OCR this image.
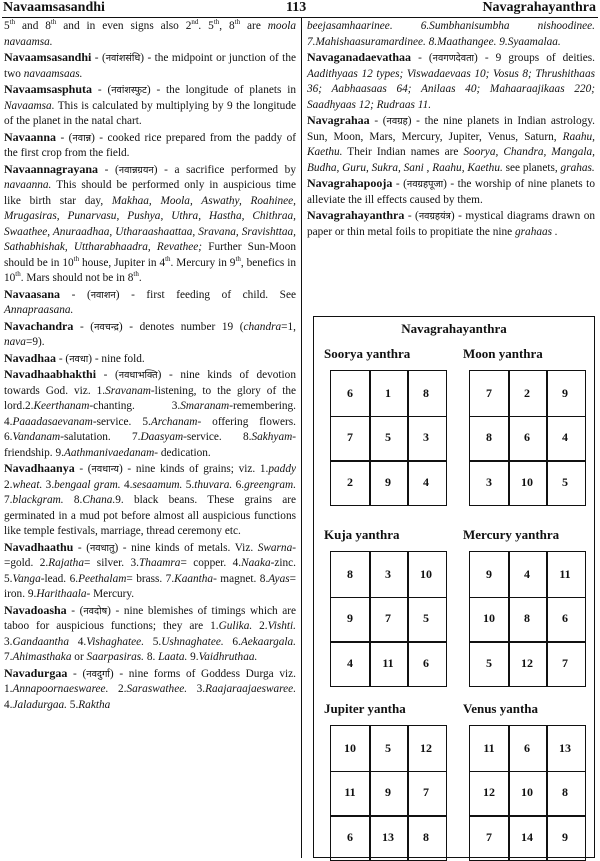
Navaamsasandhi	113	Navagrahayanthra

5th and 8th and in even signs also 2nd. 5th, 8th are moola navaamsa.

Navaamsasandhi - (नवांशसंधि) - the midpoint or junction of the two navaamsaas.

Navaamsasphuta - (नवांशस्फुट) - the longitude of planets in Navaamsa. This is calculated by multiplying by 9 the longitude of the planet in the natal chart.

Navaanna - (नवान्न) - cooked rice prepared from the paddy of the first crop from the field.

Navaannagrayana - (नवान्नग्रयन) - a sacrifice performed by navaanna. This should be performed only in auspicious time like birth star day, Makhaa, Moola, Aswathy, Roahinee, Mrugasiras, Punarvasu, Pushya, Uthra, Hastha, Chithraa, Swaathee, Anuraadhaa, Utharaashaattaa, Sravana, Sravishttaa, Sathabhishak, Uttharabhaadra, Revathee; Further Sun-Moon should be in 10th house, Jupiter in 4th. Mercury in 9th, benefics in 10th. Mars should not be in 8th.

Navaasana - (नवाशन) - first feeding of child. See Annapraasana.

Navachandra - (नवचन्द्र) - denotes number 19 (chandra=1, nava=9).

Navadhaa - (नवधा) - nine fold.

Navadhaabhakthi - (नवधाभक्ति) - nine kinds of devotion towards God. viz. 1.Sravanam-listening, to the glory of the lord.2.Keerthanam-chanting. 3.Smaranam-remembering. 4.Paaadasaevanam-service. 5.Archanam- offering flowers. 6.Vandanam-salutation. 7.Daasyam-service. 8.Sakhyam-friendship. 9.Aathmanivaedanam- dedication.

Navadhaanya - (नवधान्य) - nine kinds of grains; viz. 1.paddy 2.wheat. 3.bengaal gram. 4.sesaamum. 5.thuvara. 6.greengram. 7.blackgram. 8.Chana.9. black beans. These grains are germinated in a mud pot before almost all auspicious functions like temple festivals, marriage, thread ceremony etc.

Navadhaathu - (नवधातु) - nine kinds of metals. Viz. Swarna-=gold. 2.Rajatha= silver. 3.Thaamra= copper. 4.Naaka-zinc. 5.Vanga-lead. 6.Peethalam= brass. 7.Kaantha- magnet. 8.Ayas= iron. 9.Harithaala- Mercury.

Navadoasha - (नवदोष) - nine blemishes of timings which are taboo for auspicious functions; they are 1.Gulika. 2.Vishti. 3.Gandaantha 4.Vishaghatee. 5.Ushnaghatee. 6.Aekaargala. 7.Ahimasthaka or Saarpasiras. 8. Laata. 9.Vaidhruthaa.

Navadurgaa - (नवदुर्गा) - nine forms of Goddess Durga viz. 1.Annapoornaeswaree. 2.Saraswathee. 3.Raajaraajaeswaree. 4.Jaladurgaa. 5.Raktha

beejasamhaarinee. 6.Sumbhanisumbha nishoodinee. 7.Mahishaasuramardinee. 8.Maathangee. 9.Syaamalaa.

Navaganadaevathaa - (नवगणदेवता) - 9 groups of deities. Aadithyaas 12 types; Viswadaevaas 10; Vosus 8; Thrushithaas 36; Aabhaasaas 64; Anilaas 40; Mahaaraajikaas 220; Saadhyaas 12; Rudraas 11.

Navagrahaa - (नवग्रह) - the nine planets in Indian astrology. Sun, Moon, Mars, Mercury, Jupiter, Venus, Saturn, Raahu, Kaethu. Their Indian names are Soorya, Chandra, Mangala, Budha, Guru, Sukra, Sani , Raahu, Kaethu. see planets, grahas.

Navagrahapooja - (नवग्रहपूजा) - the worship of nine planets to alleviate the ill effects caused by them.

Navagrahayanthra - (नवग्रहयंत्र) - mystical diagrams drawn on paper or thin metal foils to propitiate the nine grahaas .

Navagrahayanthra
Soorya yanthra
6	1	8
7	5	3
2	9	4
Moon yanthra
7	2	9
8	6	4
3	10	5
Kuja yanthra
8	3	10
9	7	5
4	11	6
Mercury yanthra
9	4	11
10	8	6
5	12	7
Jupiter yantha
10	5	12
11	9	7
6	13	8
Venus yantha
11	6	13
12	10	8
7	14	9
